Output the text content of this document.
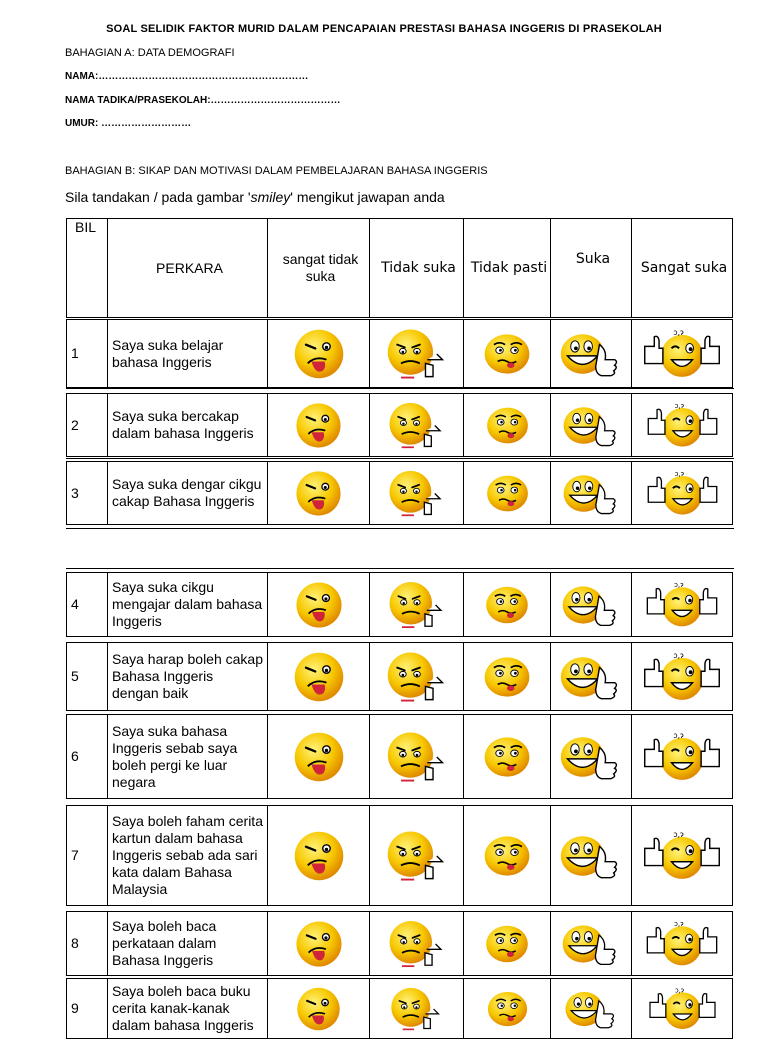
SOAL SELIDIK FAKTOR MURID DALAM PENCAPAIAN PRESTASI BAHASA INGGERIS DI PRASEKOLAH
BAHAGIAN A: DATA DEMOGRAFI
NAMA:………………………………………………………
NAMA TADIKA/PRASEKOLAH:…………………………………
UMUR: ………………………
BAHAGIAN B: SIKAP DAN MOTIVASI DALAM PEMBELAJARAN BAHASA INGGERIS
Sila tandakan / pada gambar 'smiley' mengikut jawapan anda
BIL	PERKARA	sangat tidak suka	Tidak suka	Tidak pasti	Suka	Sangat suka
1	Saya suka belajar bahasa Inggeris	

2	Saya suka bercakap dalam bahasa Inggeris	

3	Saya suka dengar cikgu cakap Bahasa Inggeris	

4	Saya suka cikgu mengajar dalam bahasa Inggeris	

5	Saya harap boleh cakap Bahasa Inggeris dengan baik	

6	Saya suka bahasa Inggeris sebab saya boleh pergi ke luar negara	

7	Saya boleh faham cerita kartun dalam bahasa Inggeris sebab ada sari kata dalam Bahasa Malaysia	

8	Saya boleh baca perkataan dalam Bahasa Inggeris	

9	Saya boleh baca buku cerita kanak-kanak dalam bahasa Inggeris	
